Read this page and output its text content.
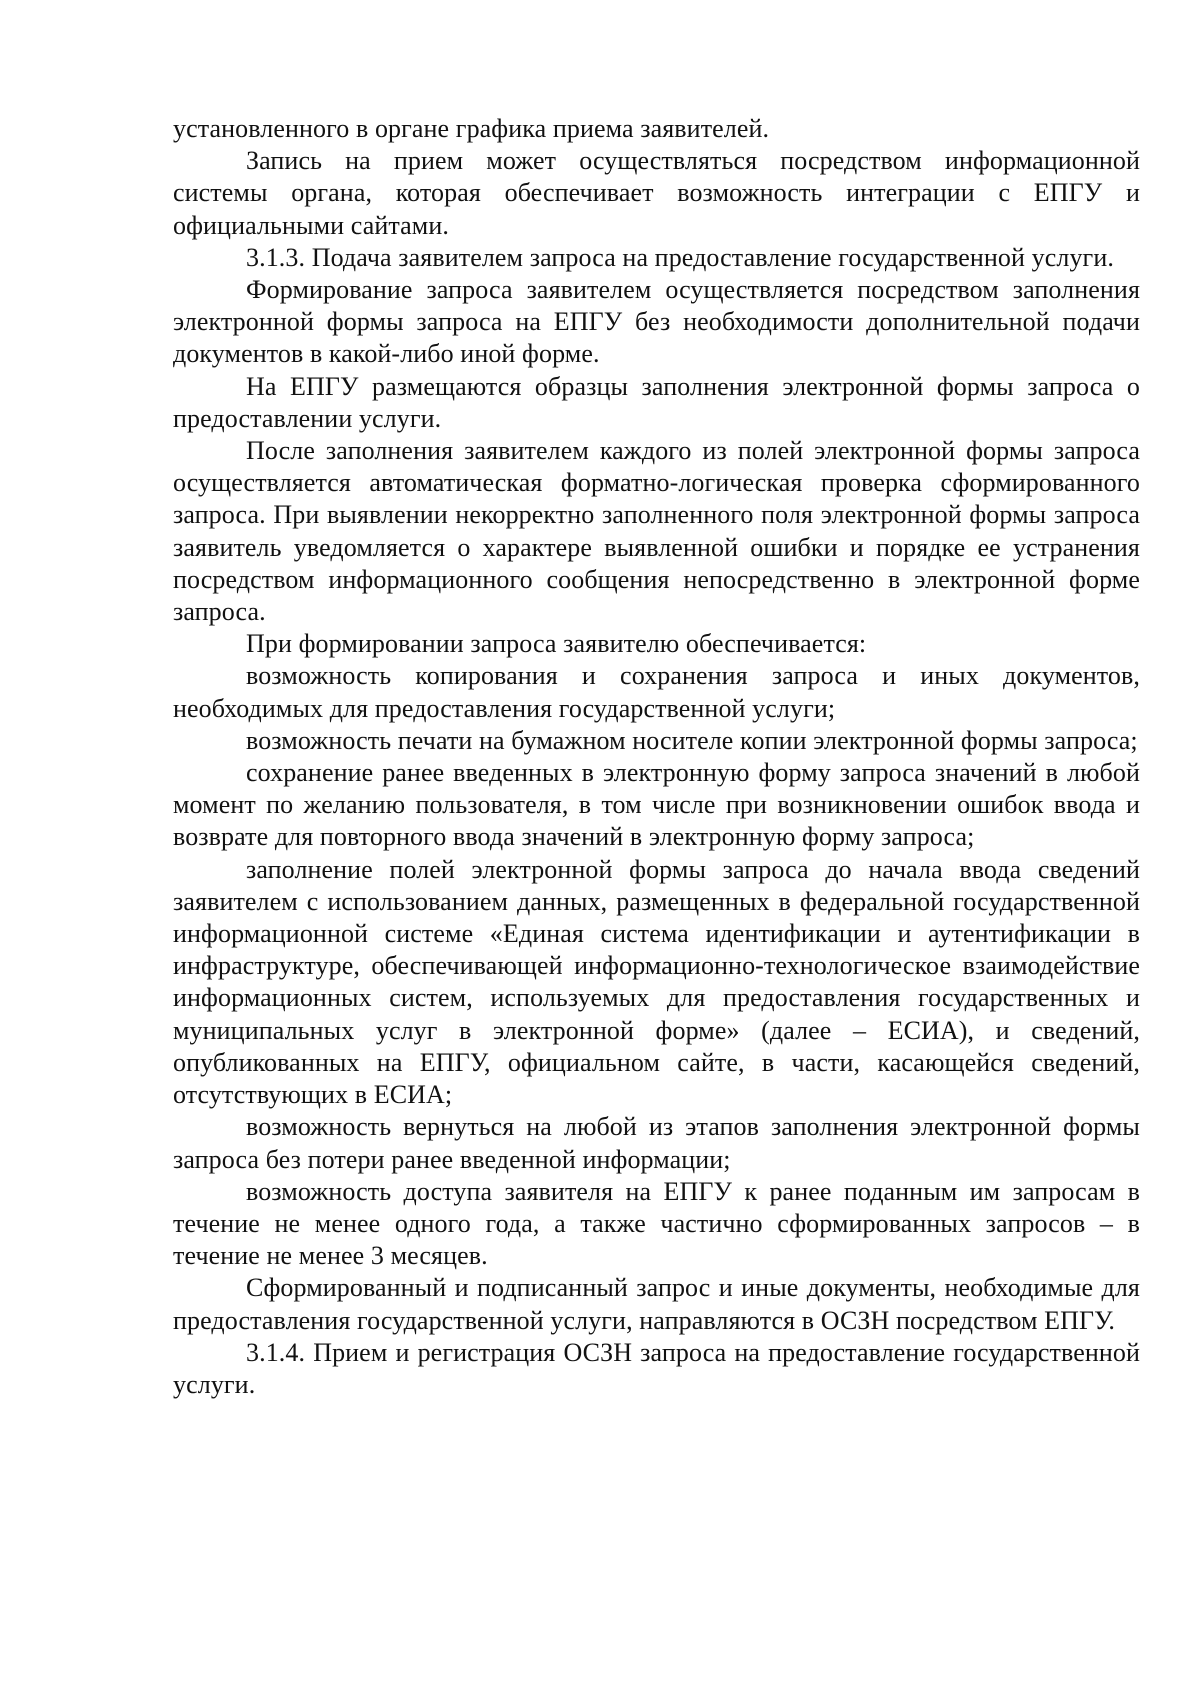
установленного в органе графика приема заявителей.

Запись на прием может осуществляться посредством информационной системы органа, которая обеспечивает возможность интеграции с ЕПГУ и официальными сайтами.

3.1.3. Подача заявителем запроса на предоставление государственной услуги.

Формирование запроса заявителем осуществляется посредством заполнения электронной формы запроса на ЕПГУ без необходимости дополнительной подачи документов в какой-либо иной форме.

На ЕПГУ размещаются образцы заполнения электронной формы запроса о предоставлении услуги.

После заполнения заявителем каждого из полей электронной формы запроса осуществляется автоматическая форматно-логическая проверка сформированного запроса. При выявлении некорректно заполненного поля электронной формы запроса заявитель уведомляется о характере выявленной ошибки и порядке ее устранения посредством информационного сообщения непосредственно в электронной форме запроса.

При формировании запроса заявителю обеспечивается:

возможность копирования и сохранения запроса и иных документов, необходимых для предоставления государственной услуги;

возможность печати на бумажном носителе копии электронной формы запроса;

сохранение ранее введенных в электронную форму запроса значений в любой момент по желанию пользователя, в том числе при возникновении ошибок ввода и возврате для повторного ввода значений в электронную форму запроса;

заполнение полей электронной формы запроса до начала ввода сведений заявителем с использованием данных, размещенных в федеральной государственной информационной системе «Единая система идентификации и аутентификации в инфраструктуре, обеспечивающей информационно-технологическое взаимодействие информационных систем, используемых для предоставления государственных и муниципальных услуг в электронной форме» (далее – ЕСИА), и сведений, опубликованных на ЕПГУ, официальном сайте, в части, касающейся сведений, отсутствующих в ЕСИА;

возможность вернуться на любой из этапов заполнения электронной формы запроса без потери ранее введенной информации;

возможность доступа заявителя на ЕПГУ к ранее поданным им запросам в течение не менее одного года, а также частично сформированных запросов – в течение не менее 3 месяцев.

Сформированный и подписанный запрос и иные документы, необходимые для предоставления государственной услуги, направляются в ОСЗН посредством ЕПГУ.

3.1.4. Прием и регистрация ОСЗН запроса на предоставление государственной услуги.
